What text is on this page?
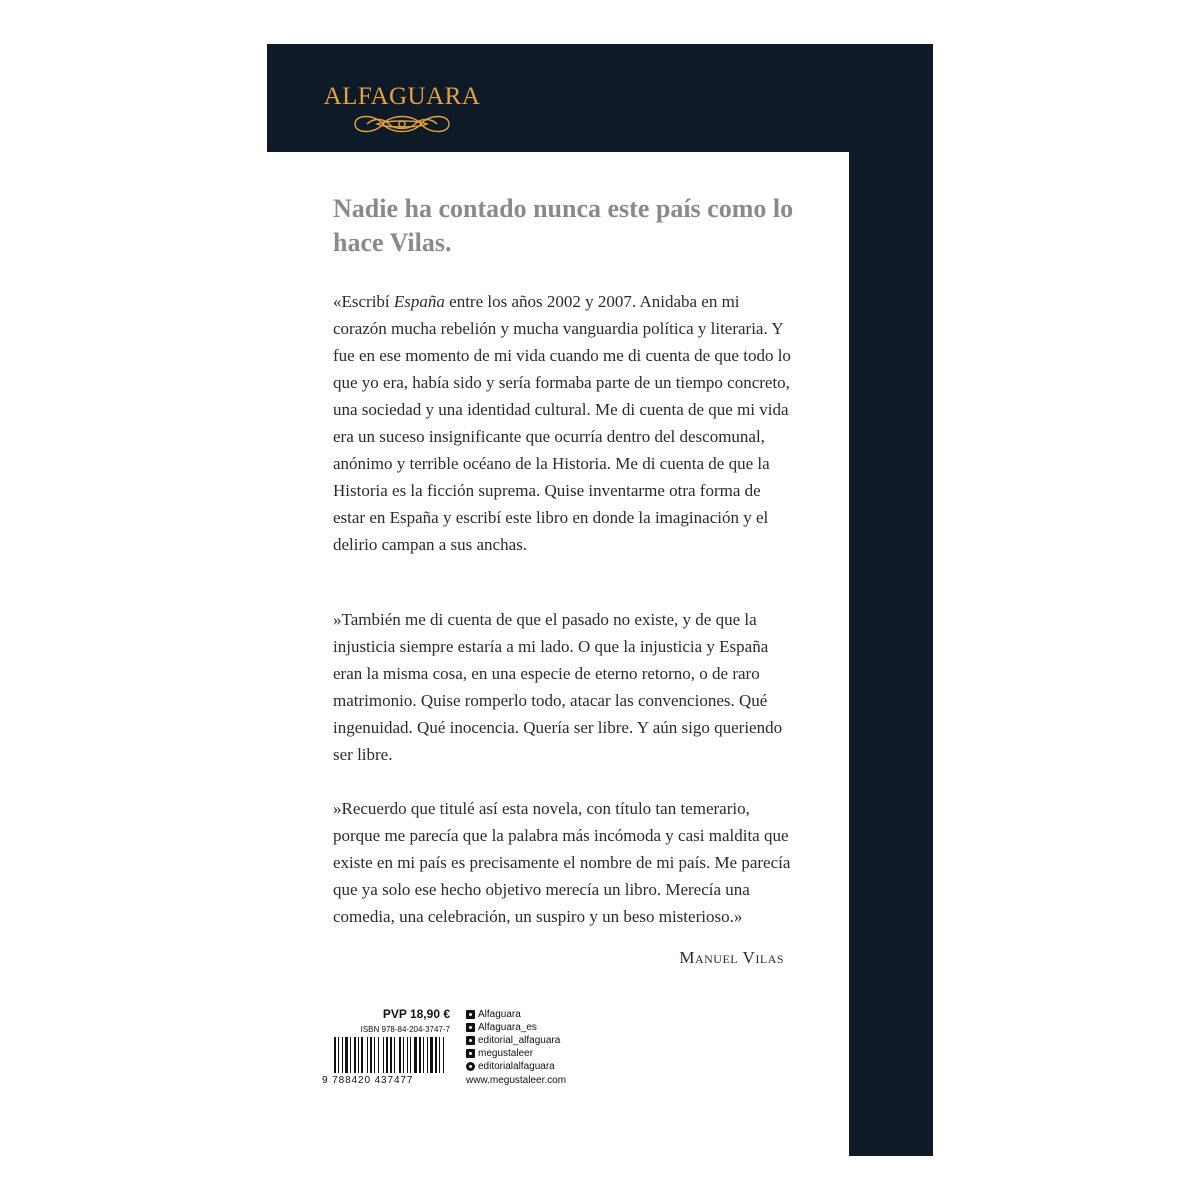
ALFAGUARA

Nadie ha contado nunca este país como lo hace Vilas.

«Escribí España entre los años 2002 y 2007. Anidaba en mi corazón mucha rebelión y mucha vanguardia política y literaria. Y fue en ese momento de mi vida cuando me di cuenta de que todo lo que yo era, había sido y sería formaba parte de un tiempo concreto, una sociedad y una identidad cultural. Me di cuenta de que mi vida era un suceso insignificante que ocurría dentro del descomunal, anónimo y terrible océano de la Historia. Me di cuenta de que la Historia es la ficción suprema. Quise inventarme otra forma de estar en España y escribí este libro en donde la imaginación y el delirio campan a sus anchas.

»También me di cuenta de que el pasado no existe, y de que la injusticia siempre estaría a mi lado. O que la injusticia y España eran la misma cosa, en una especie de eterno retorno, o de raro matrimonio. Quise romperlo todo, atacar las convenciones. Qué ingenuidad. Qué inocencia. Quería ser libre. Y aún sigo queriendo ser libre.

»Recuerdo que titulé así esta novela, con título tan temerario, porque me parecía que la palabra más incómoda y casi maldita que existe en mi país es precisamente el nombre de mi país. Me parecía que ya solo ese hecho objetivo merecía un libro. Merecía una comedia, una celebración, un suspiro y un beso misterioso.»

Manuel Vilas
PVP 18,90 €
ISBN 978-84-204-3747-7
9 788420 437477
Alfaguara
Alfaguara_es
editorial_alfaguara
megustaleer
editorialalfaguara
www.megustaleer.com
